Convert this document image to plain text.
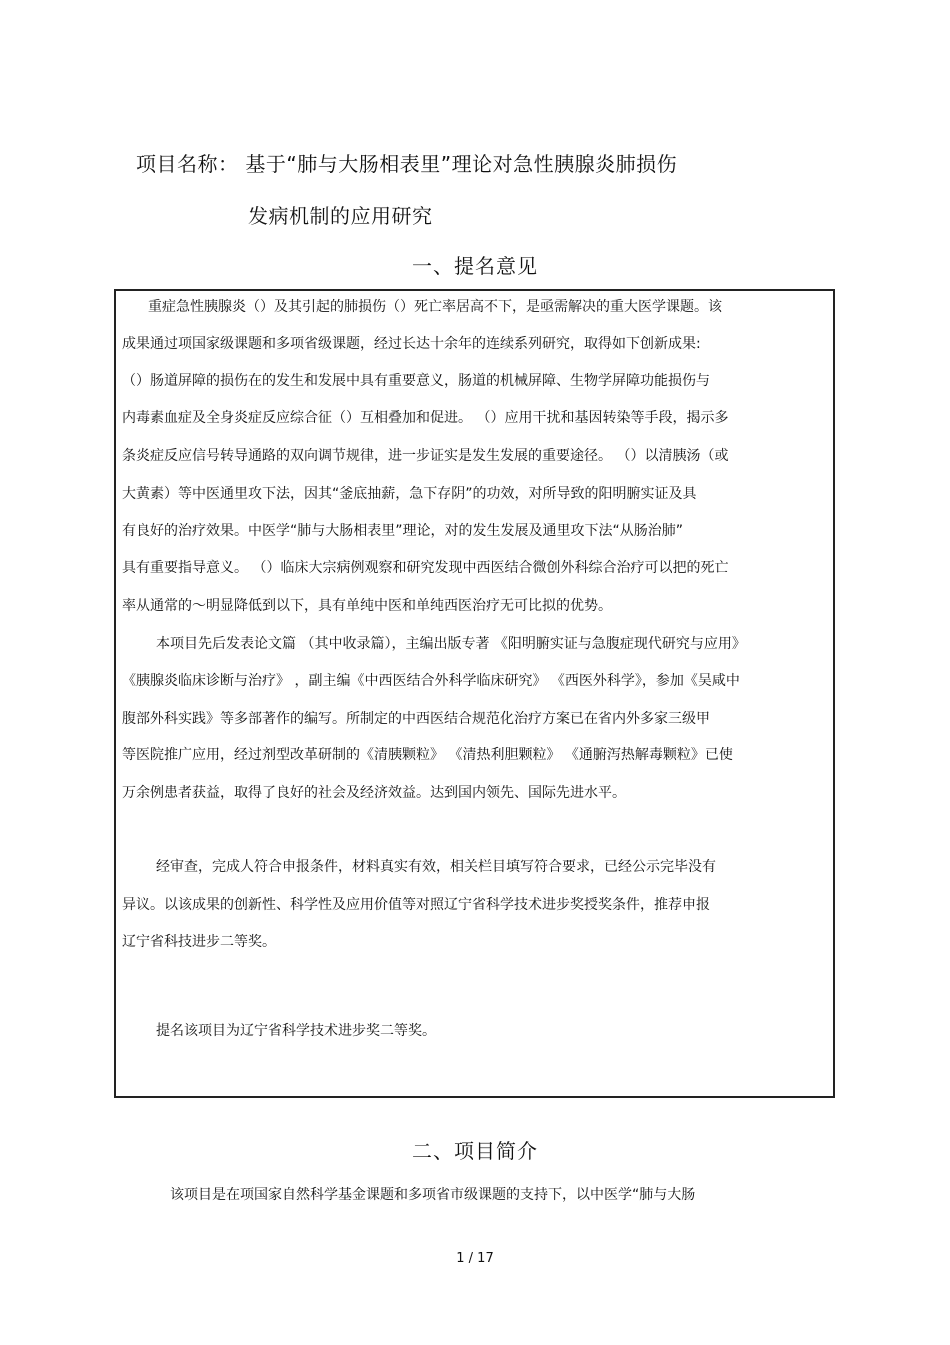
项目名称： 基于“肺与大肠相表里”理论对急性胰腺炎肺损伤
发病机制的应用研究
一、提名意见
重症急性胰腺炎（）及其引起的肺损伤（）死亡率居高不下，是亟需解决的重大医学课题。该
成果通过项国家级课题和多项省级课题，经过长达十余年的连续系列研究，取得如下创新成果:
（）肠道屏障的损伤在的发生和发展中具有重要意义，肠道的机械屏障、生物学屏障功能损伤与
内毒素血症及全身炎症反应综合征（）互相叠加和促进。 （）应用干扰和基因转染等手段，揭示多
条炎症反应信号转导通路的双向调节规律，进一步证实是发生发展的重要途径。 （）以清胰汤（或
大黄素）等中医通里攻下法，因其“釜底抽薪，急下存阴”的功效，对所导致的阳明腑实证及具
有良好的治疗效果。中医学“肺与大肠相表里”理论，对的发生发展及通里攻下法“从肠治肺”
具有重要指导意义。 （）临床大宗病例观察和研究发现中西医结合微创外科综合治疗可以把的死亡
率从通常的～明显降低到以下，具有单纯中医和单纯西医治疗无可比拟的优势。
本项目先后发表论文篇 （其中收录篇），主编出版专著 《阳明腑实证与急腹症现代研究与应用》
《胰腺炎临床诊断与治疗》 ，副主编《中西医结合外科学临床研究》 《西医外科学》，参加《吴咸中
腹部外科实践》等多部著作的编写。所制定的中西医结合规范化治疗方案已在省内外多家三级甲
等医院推广应用，经过剂型改革研制的《清胰颗粒》 《清热利胆颗粒》 《通腑泻热解毒颗粒》已使
万余例患者获益，取得了良好的社会及经济效益。达到国内领先、国际先进水平。
经审查，完成人符合申报条件，材料真实有效，相关栏目填写符合要求，已经公示完毕没有
异议。以该成果的创新性、科学性及应用价值等对照辽宁省科学技术进步奖授奖条件，推荐申报
辽宁省科技进步二等奖。
提名该项目为辽宁省科学技术进步奖二等奖。
二、项目简介
该项目是在项国家自然科学基金课题和多项省市级课题的支持下，以中医学“肺与大肠
1 / 17
